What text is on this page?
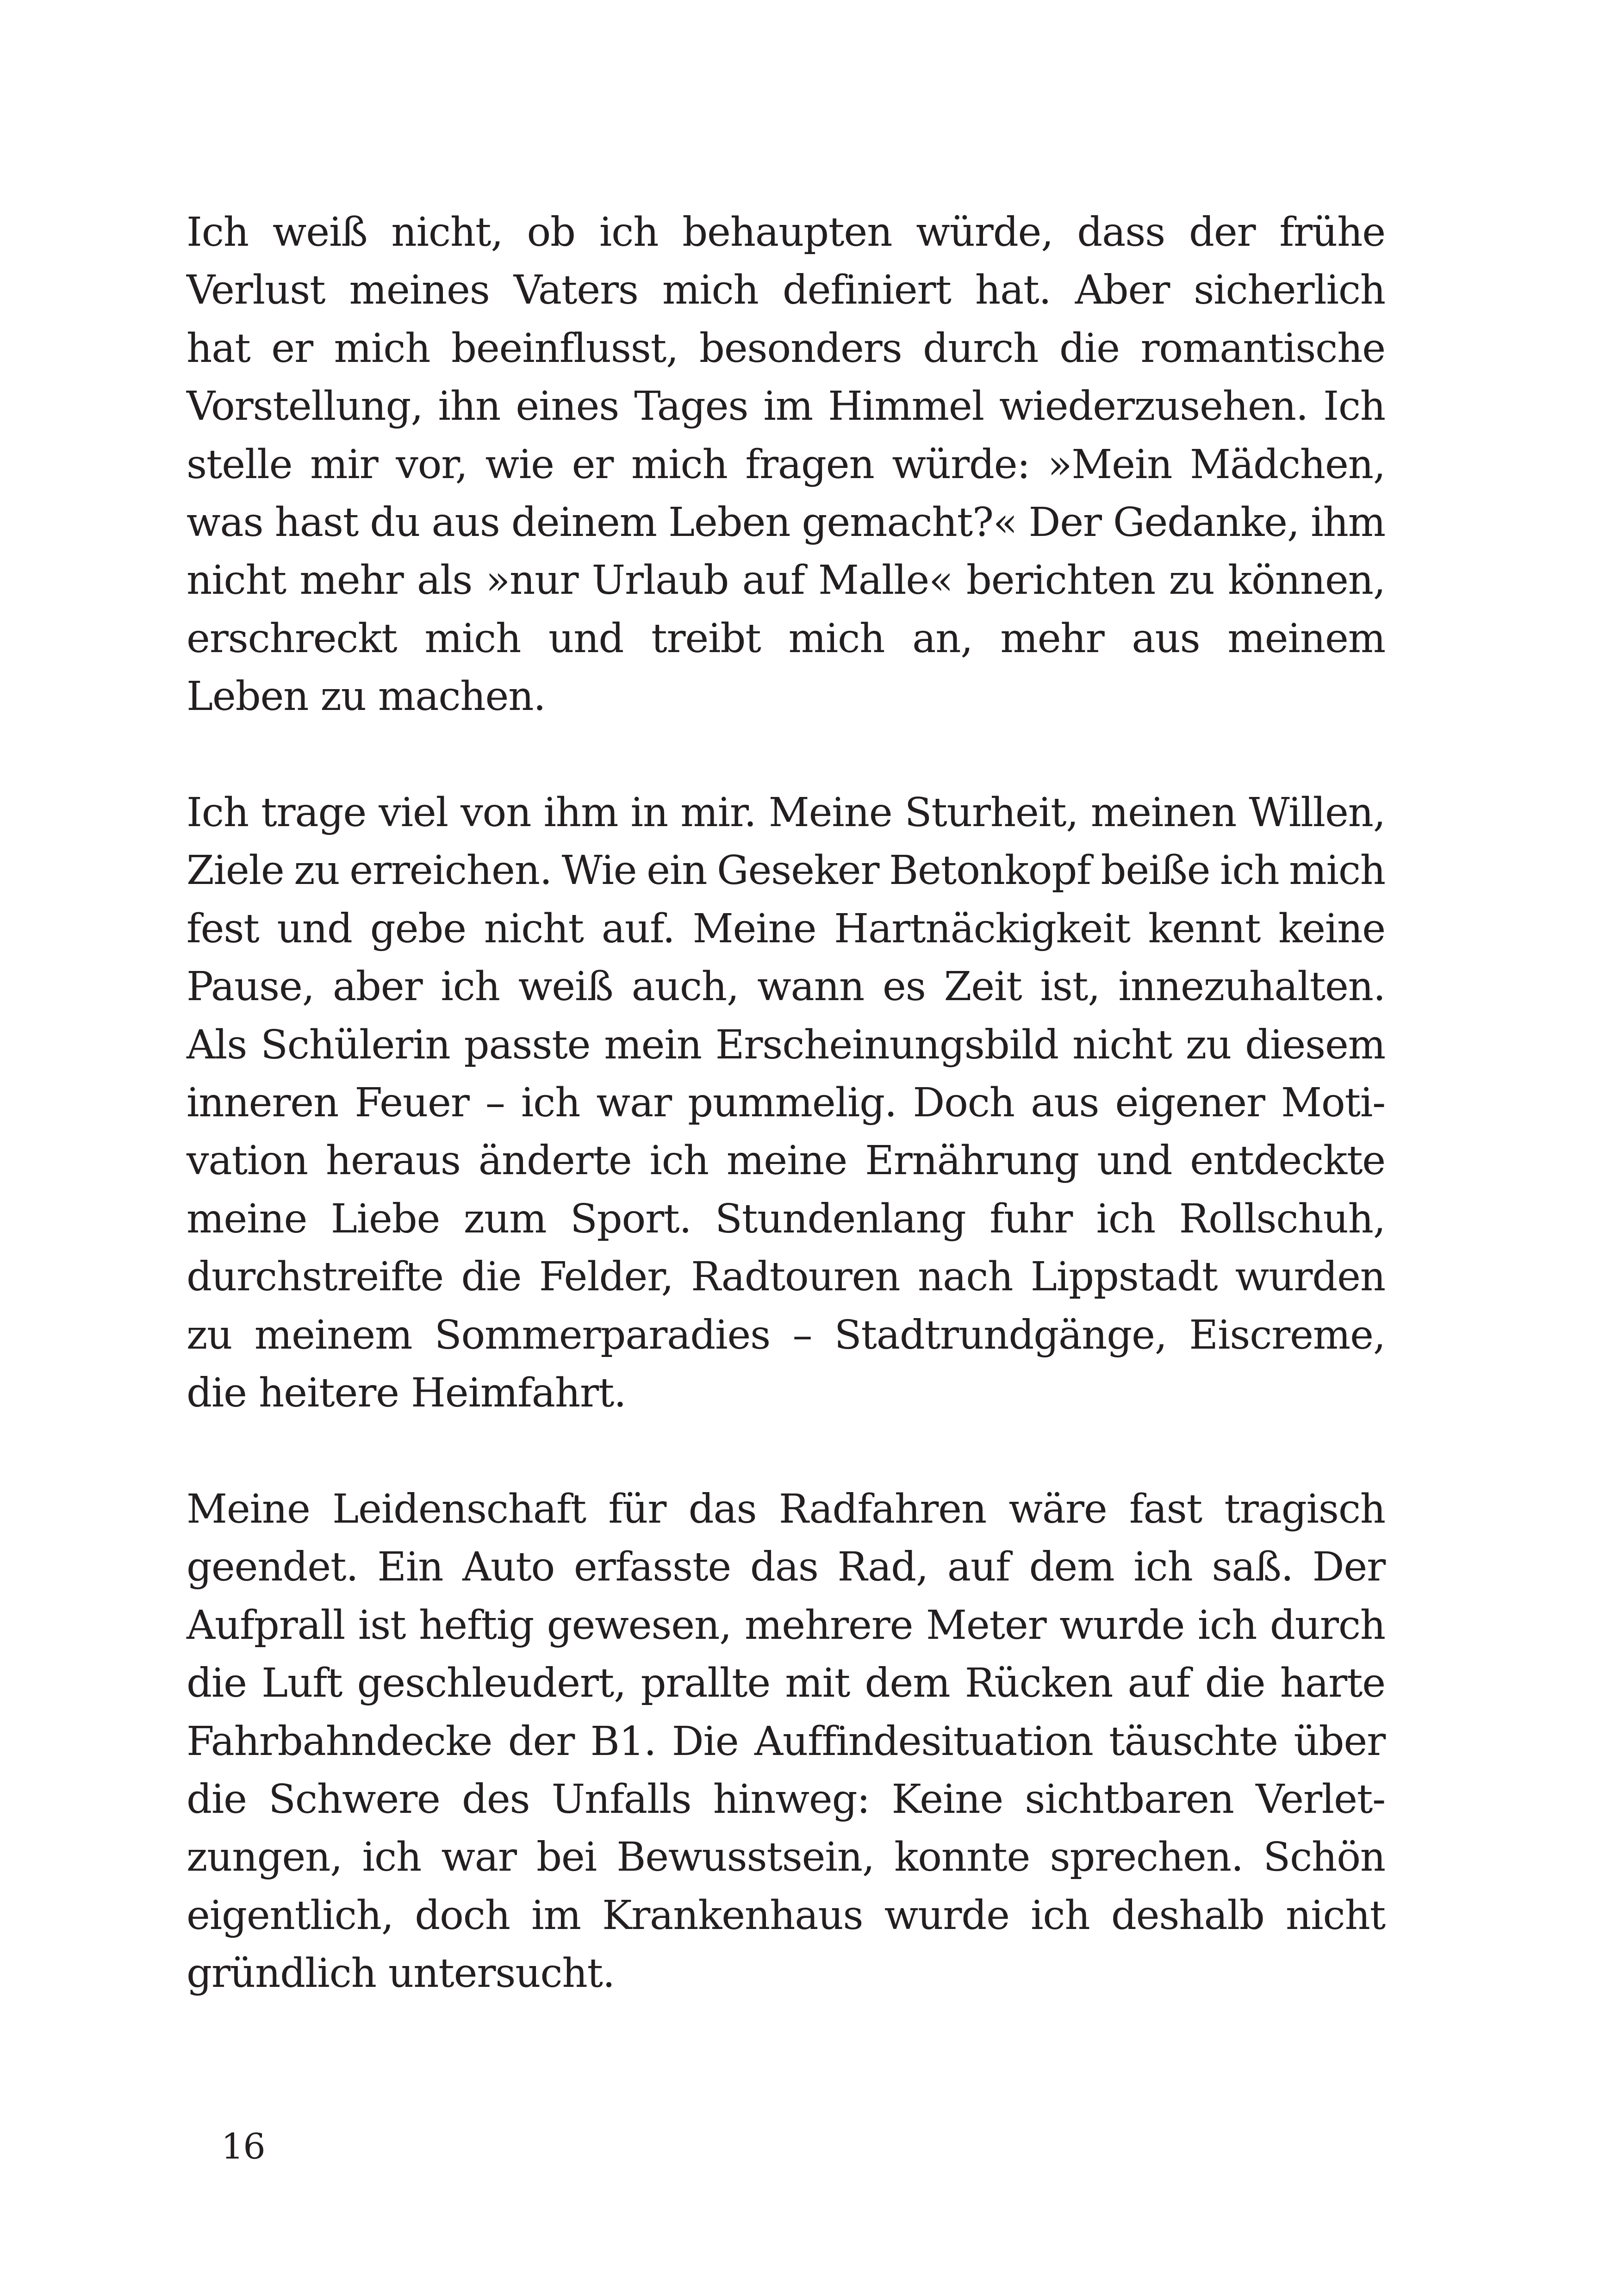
Ich weiß nicht, ob ich behaupten würde, dass der frühe
Verlust meines Vaters mich definiert hat. Aber sicherlich
hat er mich beeinflusst, besonders durch die romantische
Vorstellung, ihn eines Tages im Himmel wiederzusehen. Ich
stelle mir vor, wie er mich fragen würde: »Mein Mädchen,
was hast du aus deinem Leben gemacht?« Der Gedanke, ihm
nicht mehr als »nur Urlaub auf Malle« berichten zu können,
erschreckt mich und treibt mich an, mehr aus meinem
Leben zu machen.

Ich trage viel von ihm in mir. Meine Sturheit, meinen Willen,
Ziele zu erreichen. Wie ein Geseker Betonkopf beiße ich mich
fest und gebe nicht auf. Meine Hartnäckigkeit kennt keine
Pause, aber ich weiß auch, wann es Zeit ist, innezuhalten.
Als Schülerin passte mein Erscheinungsbild nicht zu diesem
inneren Feuer – ich war pummelig. Doch aus eigener Moti-
vation heraus änderte ich meine Ernährung und entdeckte
meine Liebe zum Sport. Stundenlang fuhr ich Rollschuh,
durchstreifte die Felder, Radtouren nach Lippstadt wurden
zu meinem Sommerparadies – Stadtrundgänge, Eiscreme,
die heitere Heimfahrt.

Meine Leidenschaft für das Radfahren wäre fast tragisch
geendet. Ein Auto erfasste das Rad, auf dem ich saß. Der
Aufprall ist heftig gewesen, mehrere Meter wurde ich durch
die Luft geschleudert, prallte mit dem Rücken auf die harte
Fahrbahndecke der B1. Die Auffindesituation täuschte über
die Schwere des Unfalls hinweg: Keine sichtbaren Verlet-
zungen, ich war bei Bewusstsein, konnte sprechen. Schön
eigentlich, doch im Krankenhaus wurde ich deshalb nicht
gründlich untersucht.

16
